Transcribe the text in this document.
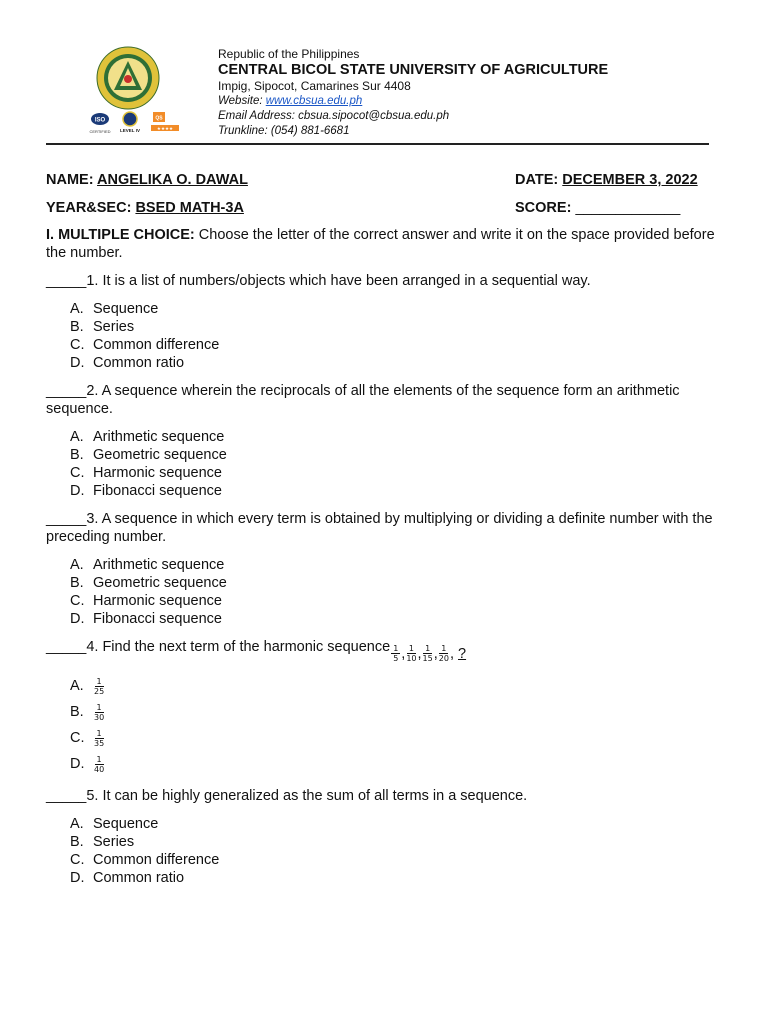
ISO
CERTIFIED LEVEL IV
QS
★★★★
Republic of the Philippines
CENTRAL BICOL STATE UNIVERSITY OF AGRICULTURE
Impig, Sipocot, Camarines Sur 4408
Website: www.cbsua.edu.ph
Email Address: cbsua.sipocot@cbsua.edu.ph
Trunkline: (054) 881-6681
NAME: ANGELIKA O. DAWAL	DATE: DECEMBER 3, 2022
YEAR&SEC: BSED MATH-3A	SCORE: _____________

I. MULTIPLE CHOICE: Choose the letter of the correct answer and write it on the space provided before the number.

_____1. It is a list of numbers/objects which have been arranged in a sequential way.

A. Sequence
B. Series
C. Common difference
D. Common ratio

_____2. A sequence wherein the reciprocals of all the elements of the sequence form an arithmetic sequence.

A. Arithmetic sequence
B. Geometric sequence
C. Harmonic sequence
D. Fibonacci sequence

_____3. A sequence in which every term is obtained by multiplying or dividing a definite number with the preceding number.

A. Arithmetic sequence
B. Geometric sequence
C. Harmonic sequence
D. Fibonacci sequence

_____4. Find the next term of the harmonic sequence $\frac{1}{5}$ , $\frac{1}{10}$ , $\frac{1}{15}$ , $\frac{1}{20}$ , ?

A.	$\frac{1}{25}$
B.	$\frac{1}{30}$
C.	$\frac{1}{35}$
D.	$\frac{1}{40}$

_____5. It can be highly generalized as the sum of all terms in a sequence.

A. Sequence
B. Series
C. Common difference
D. Common ratio
